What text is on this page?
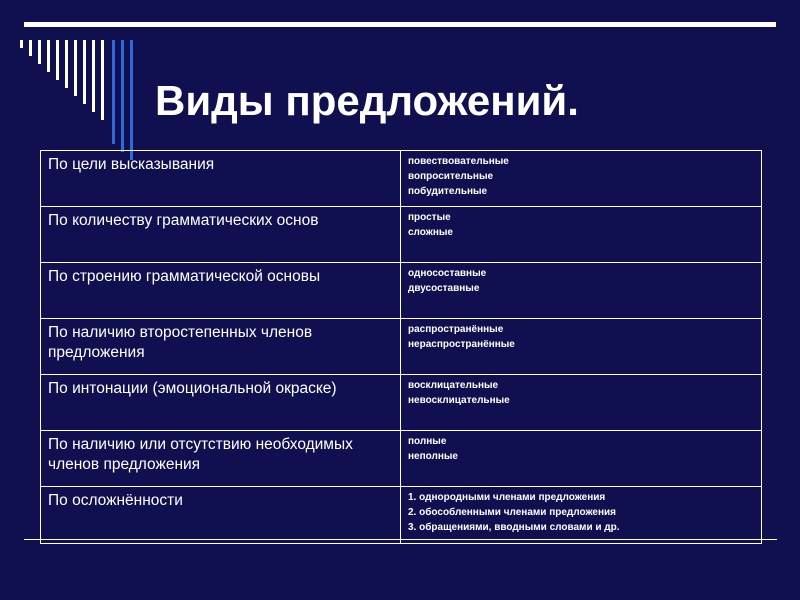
Виды предложений.
По цели высказывания	повествовательные
вопросительные
побудительные

По количеству грамматических основ	простые
сложные

По строению грамматической основы	односоставные
двусоставные

По наличию второстепенных членов предложения	распространённые
нераспространённые

По интонации (эмоциональной окраске)	восклицательные
невосклицательные

По наличию или отсутствию необходимых членов предложения	полные
неполные

По осложнённости	1. однородными членами предложения
2. обособленными членами предложения
3. обращениями, вводными словами и др.
